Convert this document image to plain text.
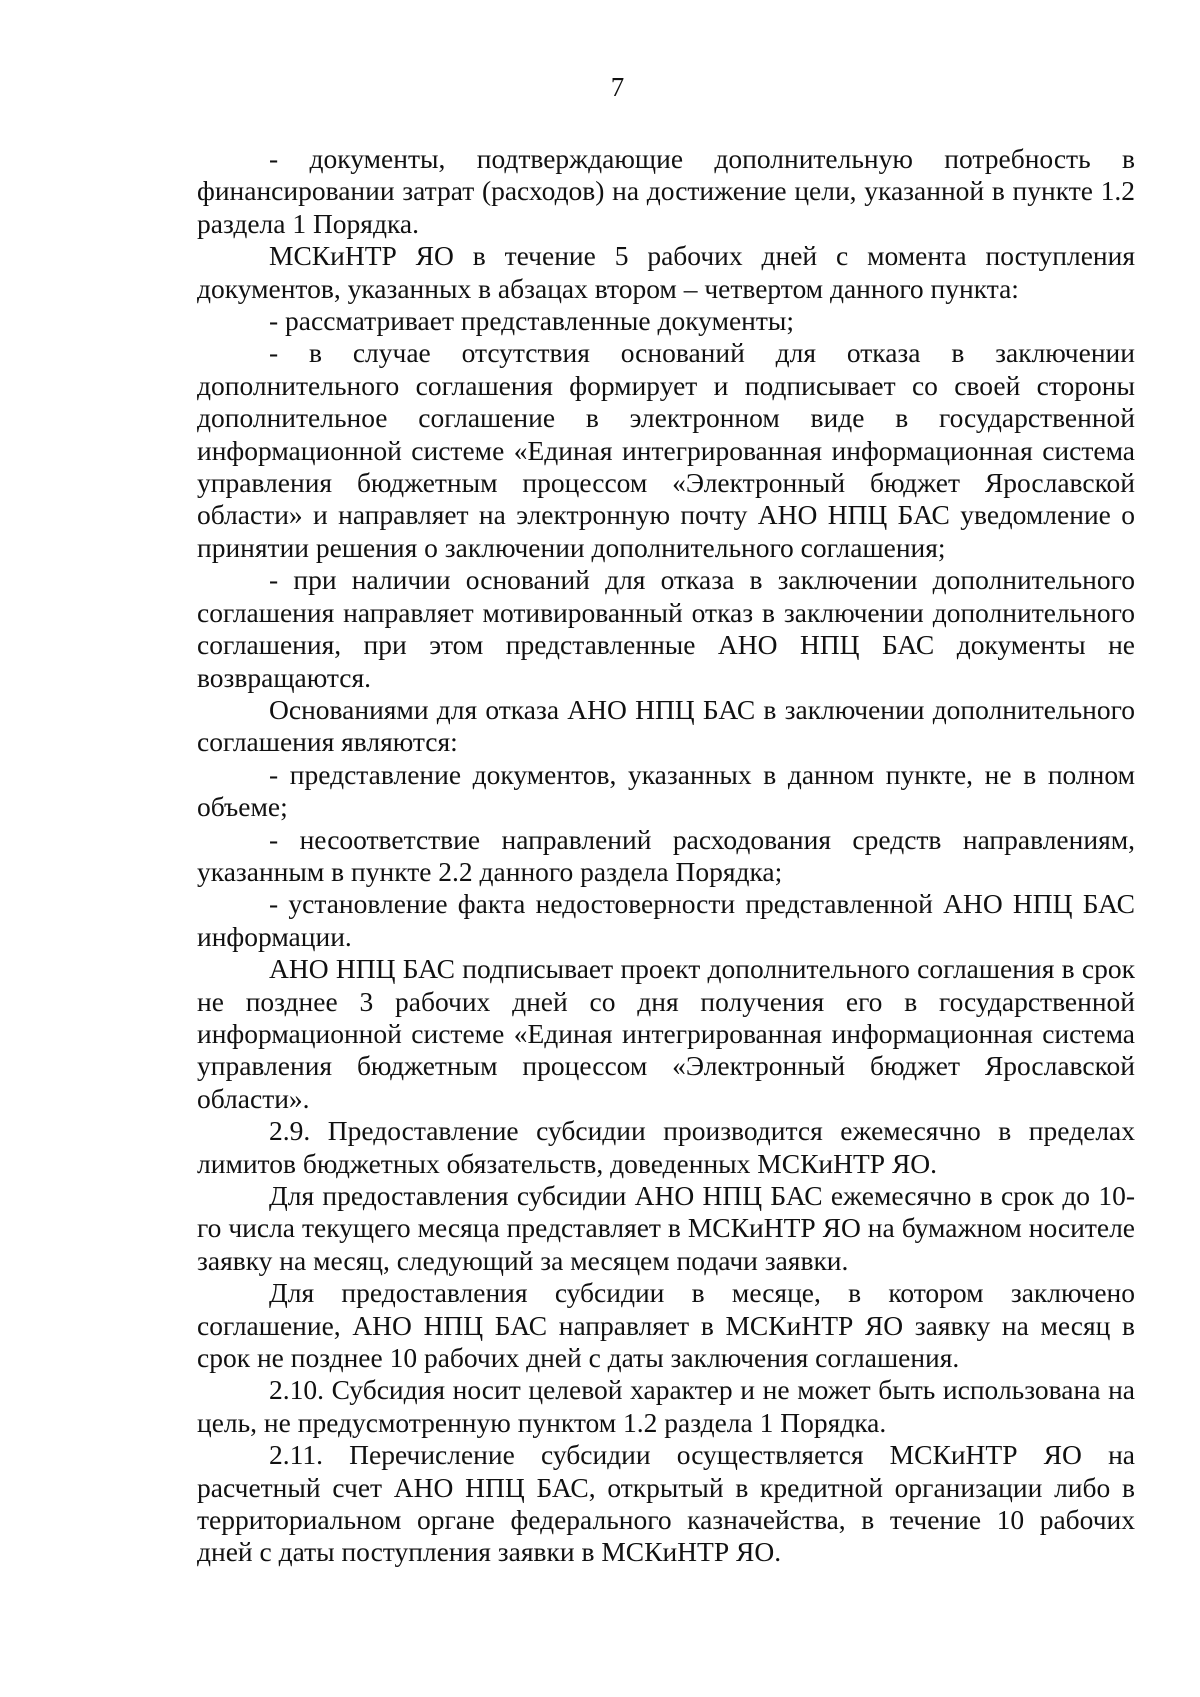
7

- документы, подтверждающие дополнительную потребность в финансировании затрат (расходов) на достижение цели, указанной в пункте 1.2 раздела 1 Порядка.

МСКиНТР ЯО в течение 5 рабочих дней с момента поступления документов, указанных в абзацах втором – четвертом данного пункта:

- рассматривает представленные документы;

- в случае отсутствия оснований для отказа в заключении дополнительного соглашения формирует и подписывает со своей стороны дополнительное соглашение в электронном виде в государственной информационной системе «Единая интегрированная информационная система управления бюджетным процессом «Электронный бюджет Ярославской области» и направляет на электронную почту АНО НПЦ БАС уведомление о принятии решения о заключении дополнительного соглашения;

- при наличии оснований для отказа в заключении дополнительного соглашения направляет мотивированный отказ в заключении дополнительного соглашения, при этом представленные АНО НПЦ БАС документы не возвращаются.

Основаниями для отказа АНО НПЦ БАС в заключении дополнительного соглашения являются:

- представление документов, указанных в данном пункте, не в полном объеме;

- несоответствие направлений расходования средств направлениям, указанным в пункте 2.2 данного раздела Порядка;

- установление факта недостоверности представленной АНО НПЦ БАС информации.

АНО НПЦ БАС подписывает проект дополнительного соглашения в срок не позднее 3 рабочих дней со дня получения его в государственной информационной системе «Единая интегрированная информационная система управления бюджетным процессом «Электронный бюджет Ярославской области».

2.9. Предоставление субсидии производится ежемесячно в пределах лимитов бюджетных обязательств, доведенных МСКиНТР ЯО.

Для предоставления субсидии АНО НПЦ БАС ежемесячно в срок до 10-го числа текущего месяца представляет в МСКиНТР ЯО на бумажном носителе заявку на месяц, следующий за месяцем подачи заявки.

Для предоставления субсидии в месяце, в котором заключено соглашение, АНО НПЦ БАС направляет в МСКиНТР ЯО заявку на месяц в срок не позднее 10 рабочих дней с даты заключения соглашения.

2.10. Субсидия носит целевой характер и не может быть использована на цель, не предусмотренную пунктом 1.2 раздела 1 Порядка.

2.11. Перечисление субсидии осуществляется МСКиНТР ЯО на расчетный счет АНО НПЦ БАС, открытый в кредитной организации либо в территориальном органе федерального казначейства, в течение 10 рабочих дней с даты поступления заявки в МСКиНТР ЯО.
